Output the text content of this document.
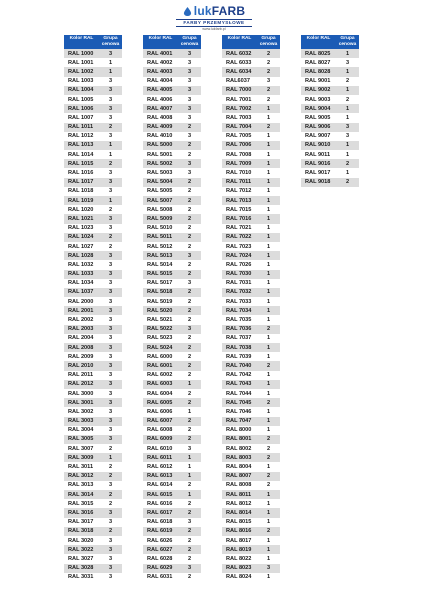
lukFARB
FARBY PRZEMYSŁOWE
www.lukfarb.pl
Kolor RAL	Grupa cenowa
RAL 1000	3
RAL 1001	1
RAL 1002	1
RAL 1003	3
RAL 1004	3
RAL 1005	3
RAL 1006	3
RAL 1007	3
RAL 1011	2
RAL 1012	3
RAL 1013	1
RAL 1014	1
RAL 1015	2
RAL 1016	3
RAL 1017	3
RAL 1018	3
RAL 1019	1
RAL 1020	2
RAL 1021	3
RAL 1023	3
RAL 1024	2
RAL 1027	2
RAL 1028	3
RAL 1032	3
RAL 1033	3
RAL 1034	3
RAL 1037	3
RAL 2000	3
RAL 2001	3
RAL 2002	3
RAL 2003	3
RAL 2004	3
RAL 2008	3
RAL 2009	3
RAL 2010	3
RAL 2011	3
RAL 2012	3
RAL 3000	3
RAL 3001	3
RAL 3002	3
RAL 3003	3
RAL 3004	3
RAL 3005	3
RAL 3007	2
RAL 3009	1
RAL 3011	2
RAL 3012	2
RAL 3013	3
RAL 3014	2
RAL 3015	2
RAL 3016	3
RAL 3017	3
RAL 3018	2
RAL 3020	3
RAL 3022	3
RAL 3027	3
RAL 3028	3
RAL 3031	3
Kolor RAL	Grupa cenowa
RAL 4001	3
RAL 4002	3
RAL 4003	3
RAL 4004	3
RAL 4005	3
RAL 4006	3
RAL 4007	3
RAL 4008	3
RAL 4009	2
RAL 4010	3
RAL 5000	2
RAL 5001	2
RAL 5002	3
RAL 5003	3
RAL 5004	2
RAL 5005	2
RAL 5007	2
RAL 5008	2
RAL 5009	2
RAL 5010	2
RAL 5011	2
RAL 5012	2
RAL 5013	3
RAL 5014	2
RAL 5015	2
RAL 5017	3
RAL 5018	2
RAL 5019	2
RAL 5020	2
RAL 5021	2
RAL 5022	3
RAL 5023	2
RAL 5024	2
RAL 6000	2
RAL 6001	2
RAL 6002	2
RAL 6003	1
RAL 6004	2
RAL 6005	2
RAL 6006	1
RAL 6007	2
RAL 6008	2
RAL 6009	2
RAL 6010	3
RAL 6011	1
RAL 6012	1
RAL 6013	1
RAL 6014	2
RAL 6015	1
RAL 6016	2
RAL 6017	2
RAL 6018	3
RAL 6019	2
RAL 6026	2
RAL 6027	2
RAL 6028	2
RAL 6029	3
RAL 6031	2
Kolor RAL	Grupa cenowa
RAL 6032	2
RAL 6033	2
RAL 6034	2
RAL6037	3
RAL 7000	2
RAL 7001	2
RAL 7002	1
RAL 7003	1
RAL 7004	2
RAL 7005	1
RAL 7006	1
RAL 7008	1
RAL 7009	1
RAL 7010	1
RAL 7011	1
RAL 7012	1
RAL 7013	1
RAL 7015	1
RAL 7016	1
RAL 7021	1
RAL 7022	1
RAL 7023	1
RAL 7024	1
RAL 7026	1
RAL 7030	1
RAL 7031	1
RAL 7032	1
RAL 7033	1
RAL 7034	1
RAL 7035	1
RAL 7036	2
RAL 7037	1
RAL 7038	1
RAL 7039	1
RAL 7040	2
RAL 7042	1
RAL 7043	1
RAL 7044	1
RAL 7045	2
RAL 7046	1
RAL 7047	1
RAL 8000	1
RAL 8001	2
RAL 8002	2
RAL 8003	2
RAL 8004	1
RAL 8007	2
RAL 8008	2
RAL 8011	1
RAL 8012	1
RAL 8014	1
RAL 8015	1
RAL 8016	2
RAL 8017	1
RAL 8019	1
RAL 8022	1
RAL 8023	3
RAL 8024	1
Kolor RAL	Grupa cenowa
RAL 8025	1
RAL 8027	3
RAL 8028	1
RAL 9001	2
RAL 9002	1
RAL 9003	2
RAL 9004	1
RAL 9005	1
RAL 9006	3
RAL 9007	3
RAL 9010	1
RAL 9011	1
RAL 9016	2
RAL 9017	1
RAL 9018	2
